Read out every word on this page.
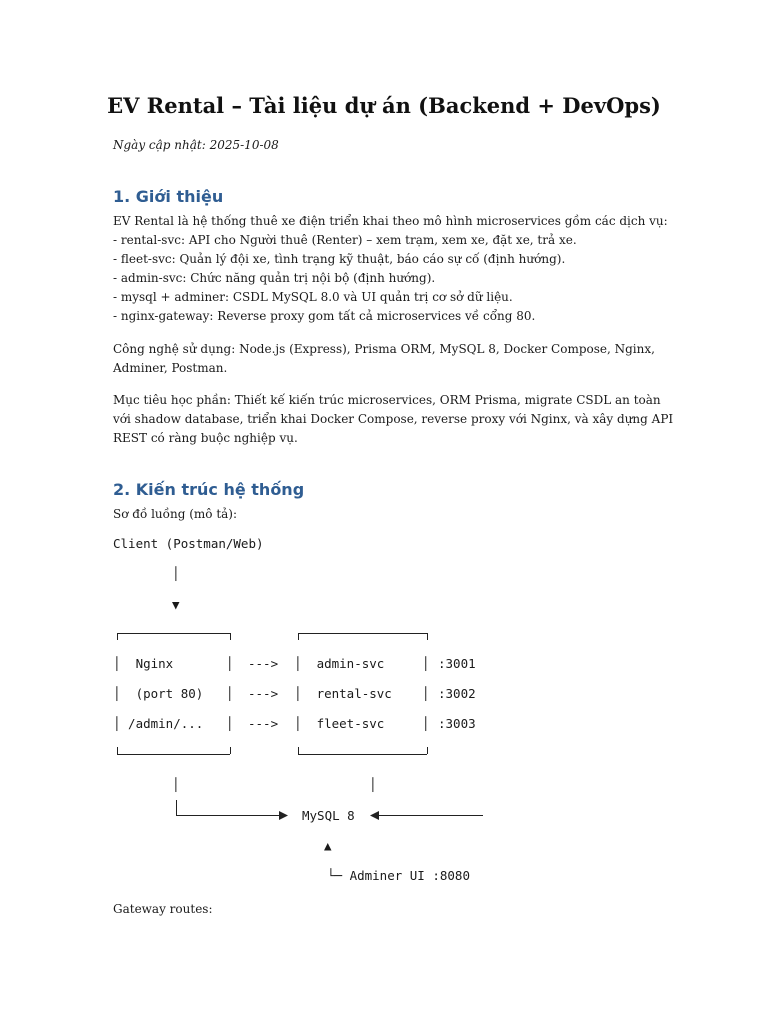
EV Rental – Tài liệu dự án (Backend + DevOps)

Ngày cập nhật: 2025-10-08

1. Giới thiệu
EV Rental là hệ thống thuê xe điện triển khai theo mô hình microservices gồm các dịch vụ:
- rental-svc: API cho Người thuê (Renter) – xem trạm, xem xe, đặt xe, trả xe.
- fleet-svc: Quản lý đội xe, tình trạng kỹ thuật, báo cáo sự cố (định hướng).
- admin-svc: Chức năng quản trị nội bộ (định hướng).
- mysql + adminer: CSDL MySQL 8.0 và UI quản trị cơ sở dữ liệu.
- nginx-gateway: Reverse proxy gom tất cả microservices về cổng 80.
Công nghệ sử dụng: Node.js (Express), Prisma ORM, MySQL 8, Docker Compose, Nginx,
Adminer, Postman.
Mục tiêu học phần: Thiết kế kiến trúc microservices, ORM Prisma, migrate CSDL an toàn
với shadow database, triển khai Docker Compose, reverse proxy với Nginx, và xây dựng API
REST có ràng buộc nghiệp vụ.
2. Kiến trúc hệ thống
Sơ đồ luồng (mô tả):
Client (Postman/Web)
│
▼
│  Nginx       │ ---> │  admin-svc     │ :3001
│  (port 80)   │ ---> │  rental-svc    │ :3002
│ /admin/...   │ ---> │  fleet-svc     │ :3003
│	│
MySQL 8
▲
└─ Adminer UI :8080
Gateway routes:
